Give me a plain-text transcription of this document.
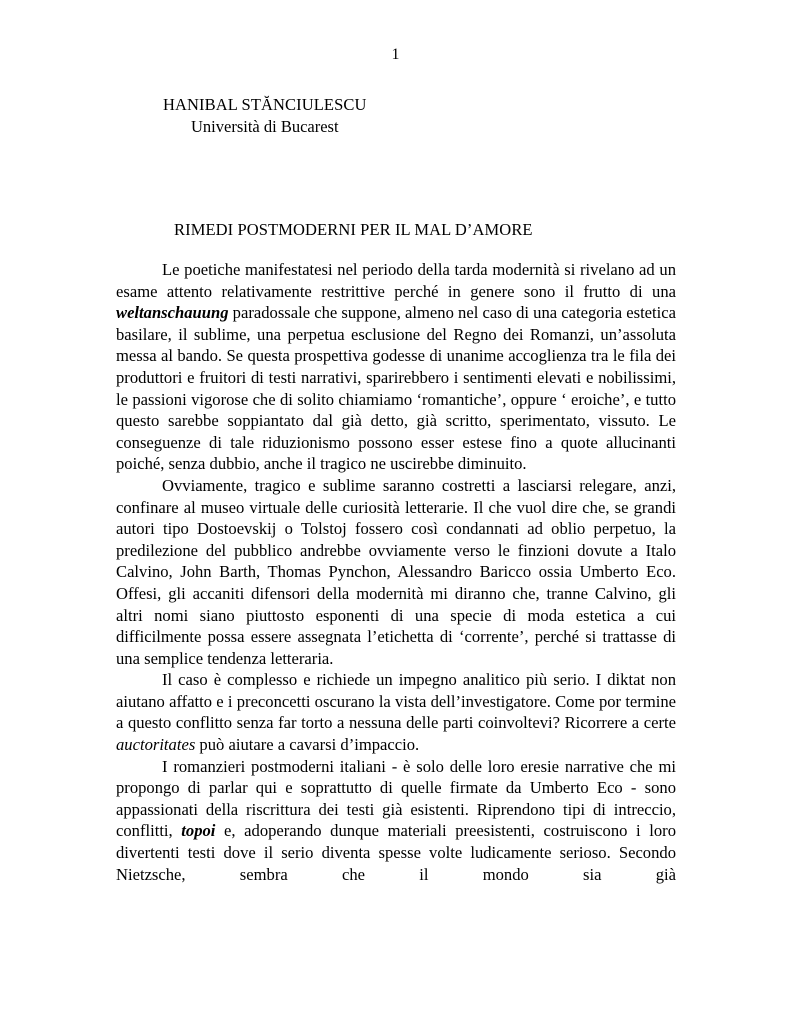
1
HANIBAL STĂNCIULESCU
Università di Bucarest
RIMEDI POSTMODERNI PER IL MAL D’AMORE

Le poetiche manifestatesi nel periodo della tarda modernità si rivelano ad un esame attento relativamente restrittive perché in genere sono il frutto di una weltanschauung paradossale che suppone, almeno nel caso di una categoria estetica basilare, il sublime, una perpetua esclusione del Regno dei Romanzi, un’assoluta messa al bando. Se questa prospettiva godesse di unanime accoglienza tra le fila dei produttori e fruitori di testi narrativi, sparirebbero i sentimenti elevati e nobilissimi, le passioni vigorose che di solito chiamiamo ‘romantiche’, oppure ‘ eroiche’, e tutto questo sarebbe soppiantato dal già detto, già scritto, sperimentato, vissuto. Le conseguenze di tale riduzionismo possono esser estese fino a quote allucinanti poiché, senza dubbio, anche il tragico ne uscirebbe diminuito.

Ovviamente, tragico e sublime saranno costretti a lasciarsi relegare, anzi, confinare al museo virtuale delle curiosità letterarie. Il che vuol dire che, se grandi autori tipo Dostoevskij o Tolstoj fossero così condannati ad oblio perpetuo, la predilezione del pubblico andrebbe ovviamente verso le finzioni dovute a Italo Calvino, John Barth, Thomas Pynchon, Alessandro Baricco ossia Umberto Eco. Offesi, gli accaniti difensori della modernità mi diranno che, tranne Calvino, gli altri nomi siano piuttosto esponenti di una specie di moda estetica a cui difficilmente possa essere assegnata l’etichetta di ‘corrente’, perché si trattasse di una semplice tendenza letteraria.

Il caso è complesso e richiede un impegno analitico più serio. I diktat non aiutano affatto e i preconcetti oscurano la vista dell’investigatore. Come por termine a questo conflitto senza far torto a nessuna delle parti coinvoltevi? Ricorrere a certe auctoritates può aiutare a cavarsi d’impaccio.

I romanzieri postmoderni italiani - è solo delle loro eresie narrative che mi propongo di parlar qui e soprattutto di quelle firmate da Umberto Eco - sono appassionati della riscrittura dei testi già esistenti. Riprendono tipi di intreccio, conflitti, topoi e, adoperando dunque materiali preesistenti, costruiscono i loro divertenti testi dove il serio diventa spesse volte ludicamente serioso. Secondo Nietzsche, sembra che il mondo sia già
